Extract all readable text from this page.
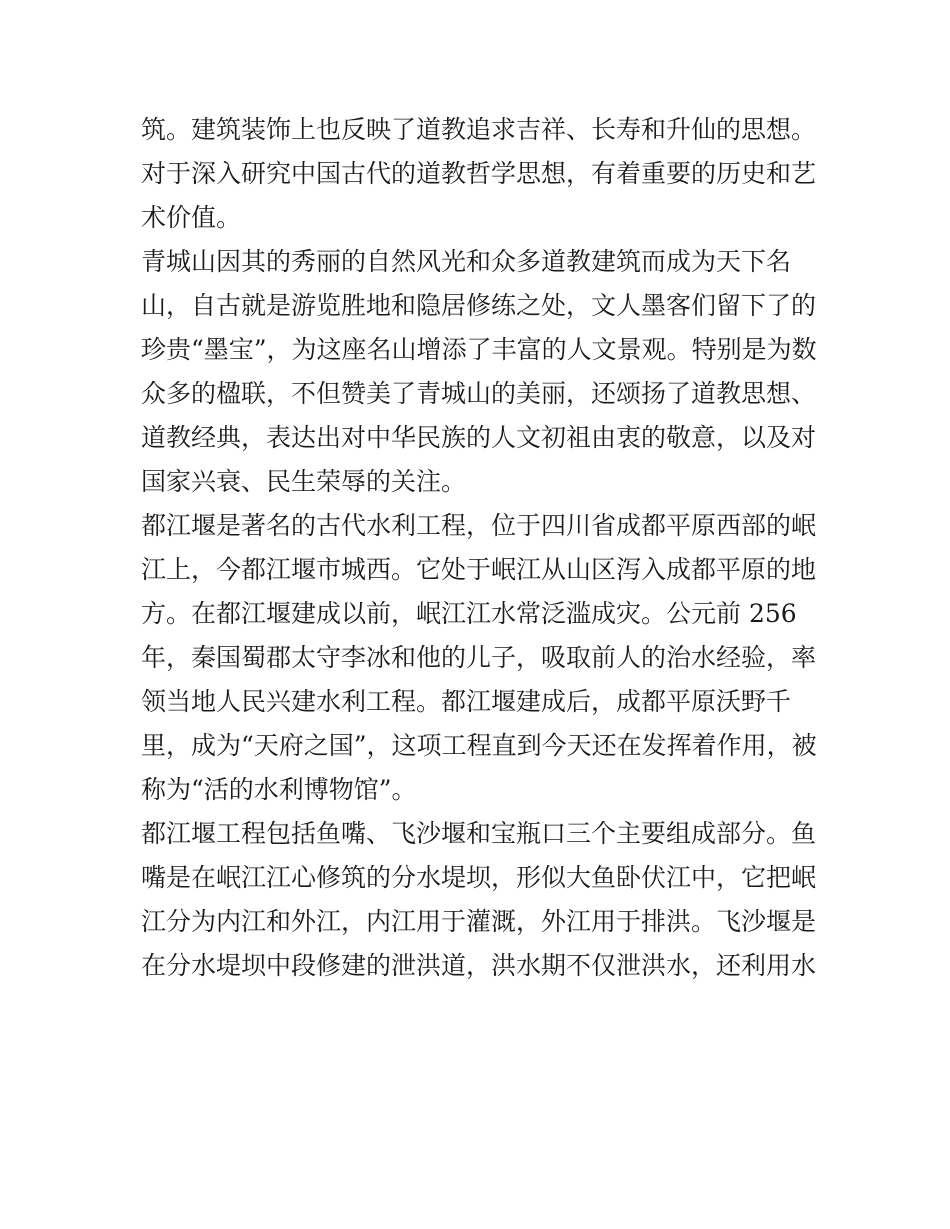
筑。建筑装饰上也反映了道教追求吉祥、长寿和升仙的思想。
对于深入研究中国古代的道教哲学思想，有着重要的历史和艺
术价值。
青城山因其的秀丽的自然风光和众多道教建筑而成为天下名
山，自古就是游览胜地和隐居修练之处，文人墨客们留下了的
珍贵“墨宝”，为这座名山增添了丰富的人文景观。特别是为数
众多的楹联，不但赞美了青城山的美丽，还颂扬了道教思想、
道教经典，表达出对中华民族的人文初祖由衷的敬意，以及对
国家兴衰、民生荣辱的关注。
都江堰是著名的古代水利工程，位于四川省成都平原西部的岷
江上，今都江堰市城西。它处于岷江从山区泻入成都平原的地
方。在都江堰建成以前，岷江江水常泛滥成灾。公元前 256
年，秦国蜀郡太守李冰和他的儿子，吸取前人的治水经验，率
领当地人民兴建水利工程。都江堰建成后，成都平原沃野千
里，成为“天府之国”，这项工程直到今天还在发挥着作用，被
称为“活的水利博物馆”。
都江堰工程包括鱼嘴、飞沙堰和宝瓶口三个主要组成部分。鱼
嘴是在岷江江心修筑的分水堤坝，形似大鱼卧伏江中，它把岷
江分为内江和外江，内江用于灌溉，外江用于排洪。飞沙堰是
在分水堤坝中段修建的泄洪道，洪水期不仅泄洪水，还利用水
